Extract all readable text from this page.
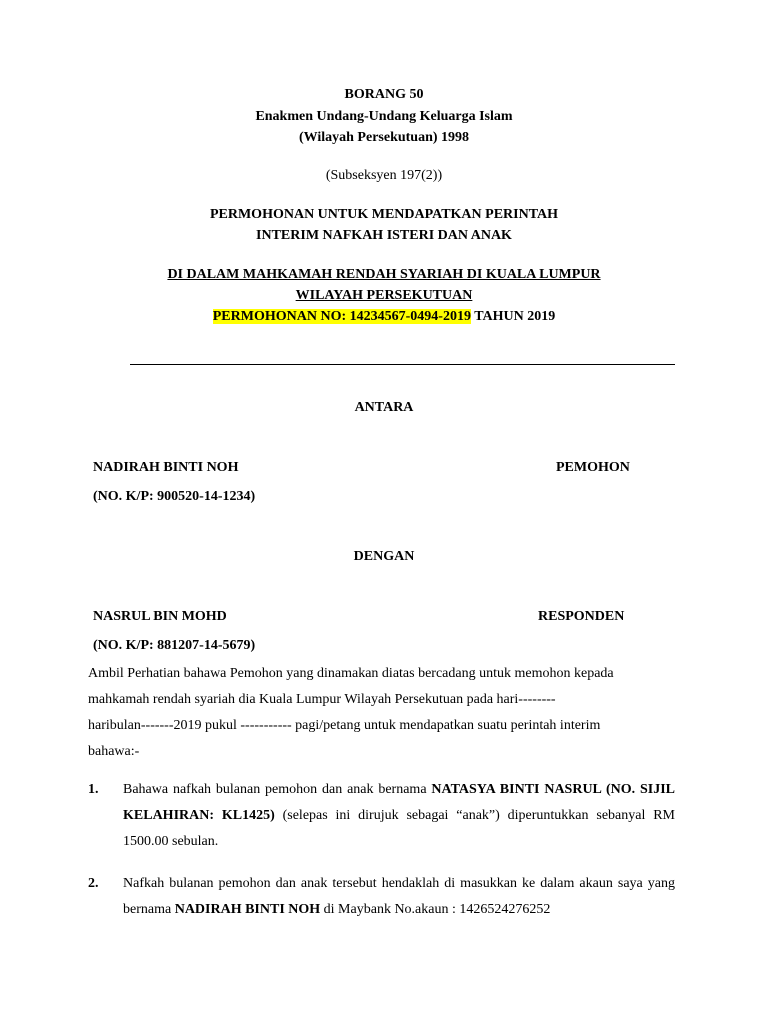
BORANG 50
Enakmen Undang-Undang Keluarga Islam
(Wilayah Persekutuan) 1998
(Subseksyen 197(2))
PERMOHONAN UNTUK MENDAPATKAN PERINTAH
INTERIM NAFKAH ISTERI DAN ANAK
DI DALAM MAHKAMAH RENDAH SYARIAH DI KUALA LUMPUR
WILAYAH PERSEKUTUAN
PERMOHONAN NO: 14234567-0494-2019 TAHUN 2019
ANTARA
NADIRAH BINTI NOH	PEMOHON
(NO. K/P: 900520-14-1234)
DENGAN
NASRUL BIN MOHD	RESPONDEN
(NO. K/P: 881207-14-5679)
Ambil Perhatian bahawa Pemohon yang dinamakan diatas bercadang untuk memohon kepada
mahkamah rendah syariah dia Kuala Lumpur Wilayah Persekutuan pada hari--------
haribulan-------2019 pukul ----------- pagi/petang untuk mendapatkan suatu perintah interim
bahawa:-
1. Bahawa nafkah bulanan pemohon dan anak bernama NATASYA BINTI NASRUL (NO. SIJIL KELAHIRAN: KL1425) (selepas ini dirujuk sebagai “anak”) diperuntukkan sebanyal RM 1500.00 sebulan.
2. Nafkah bulanan pemohon dan anak tersebut hendaklah di masukkan ke dalam akaun saya yang bernama NADIRAH BINTI NOH di Maybank No.akaun : 1426524276252
